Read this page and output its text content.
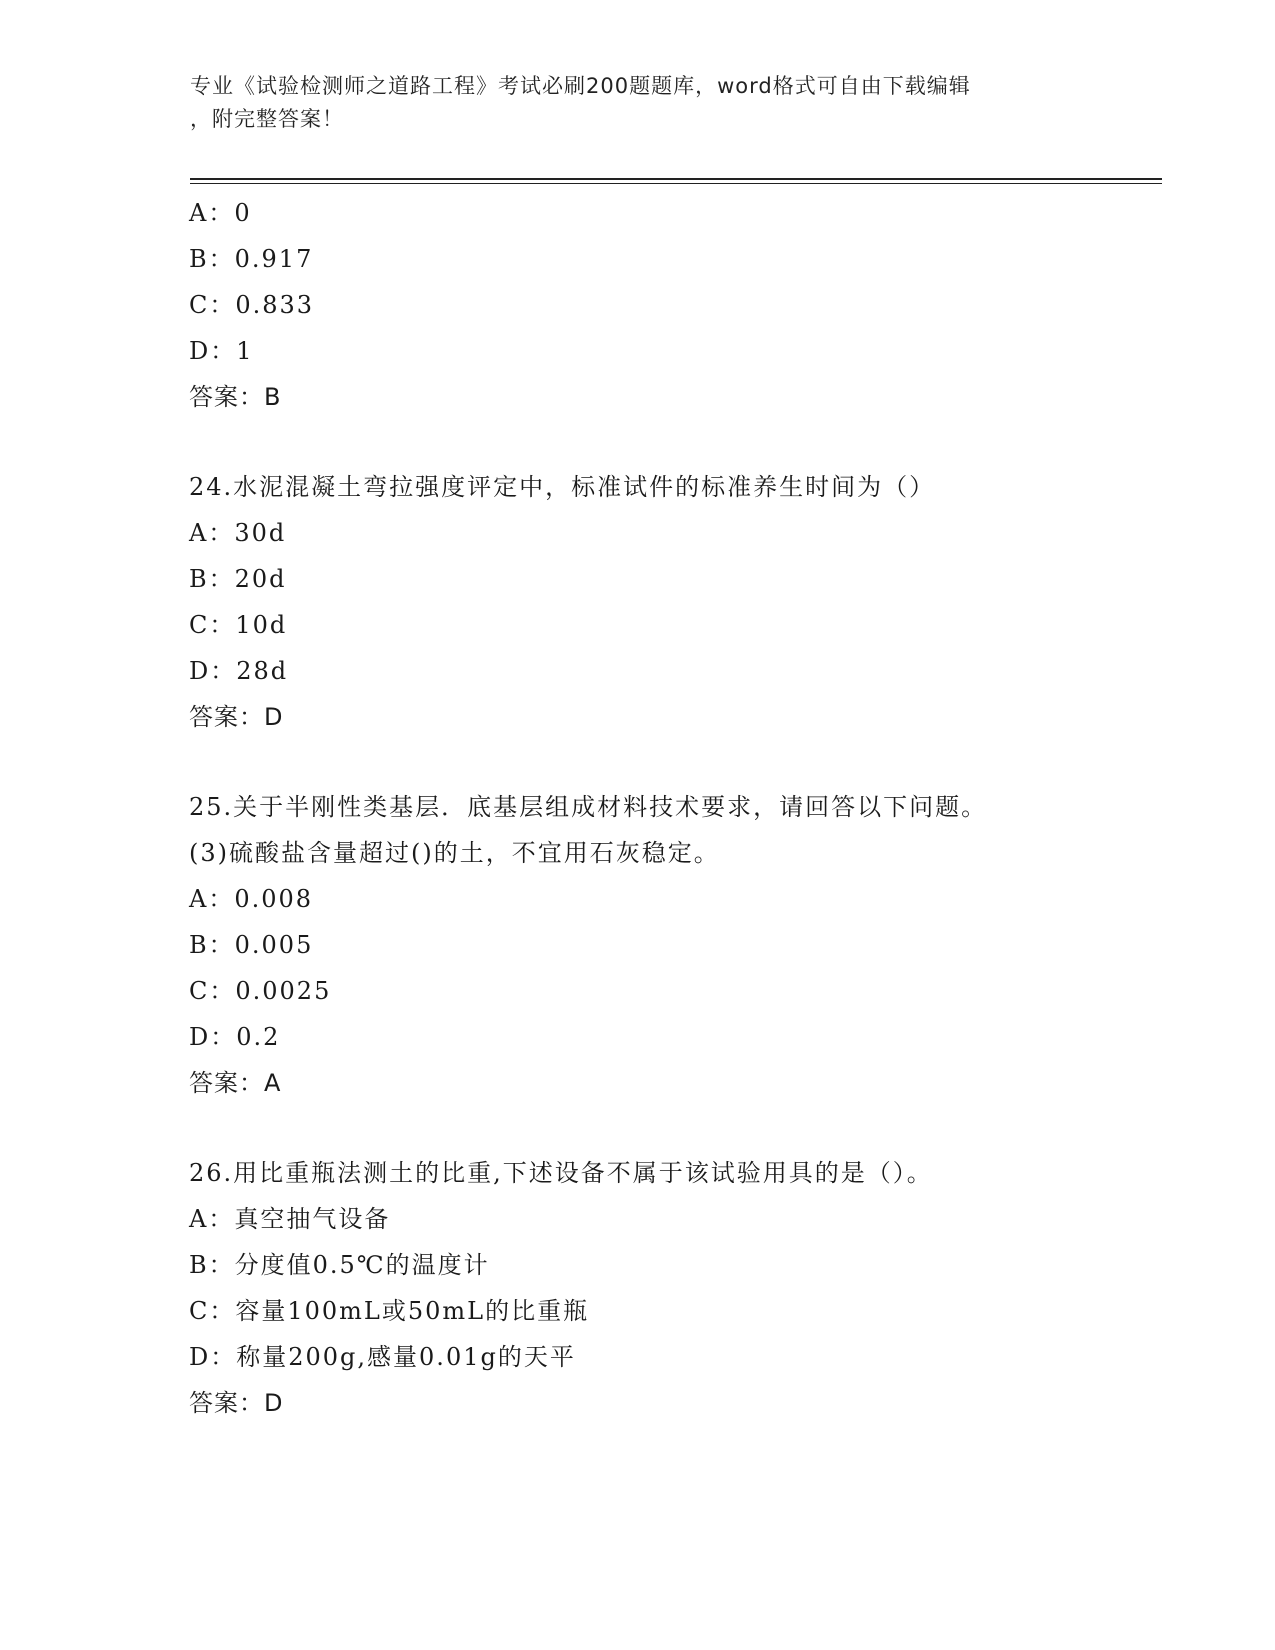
专业《试验检测师之道路工程》考试必刷200题题库，word格式可自由下载编辑
，附完整答案！
A：0
B：0.917
C：0.833
D：1
答案：B
24.水泥混凝土弯拉强度评定中，标准试件的标准养生时间为（）
A：30d
B：20d
C：10d
D：28d
答案：D
25.关于半刚性类基层．底基层组成材料技术要求，请回答以下问题。
(3)硫酸盐含量超过()的土，不宜用石灰稳定。
A：0.008
B：0.005
C：0.0025
D：0.2
答案：A
26.用比重瓶法测土的比重,下述设备不属于该试验用具的是（）。
A：真空抽气设备
B：分度值0.5℃的温度计
C：容量100mL或50mL的比重瓶
D：称量200g,感量0.01g的天平
答案：D
